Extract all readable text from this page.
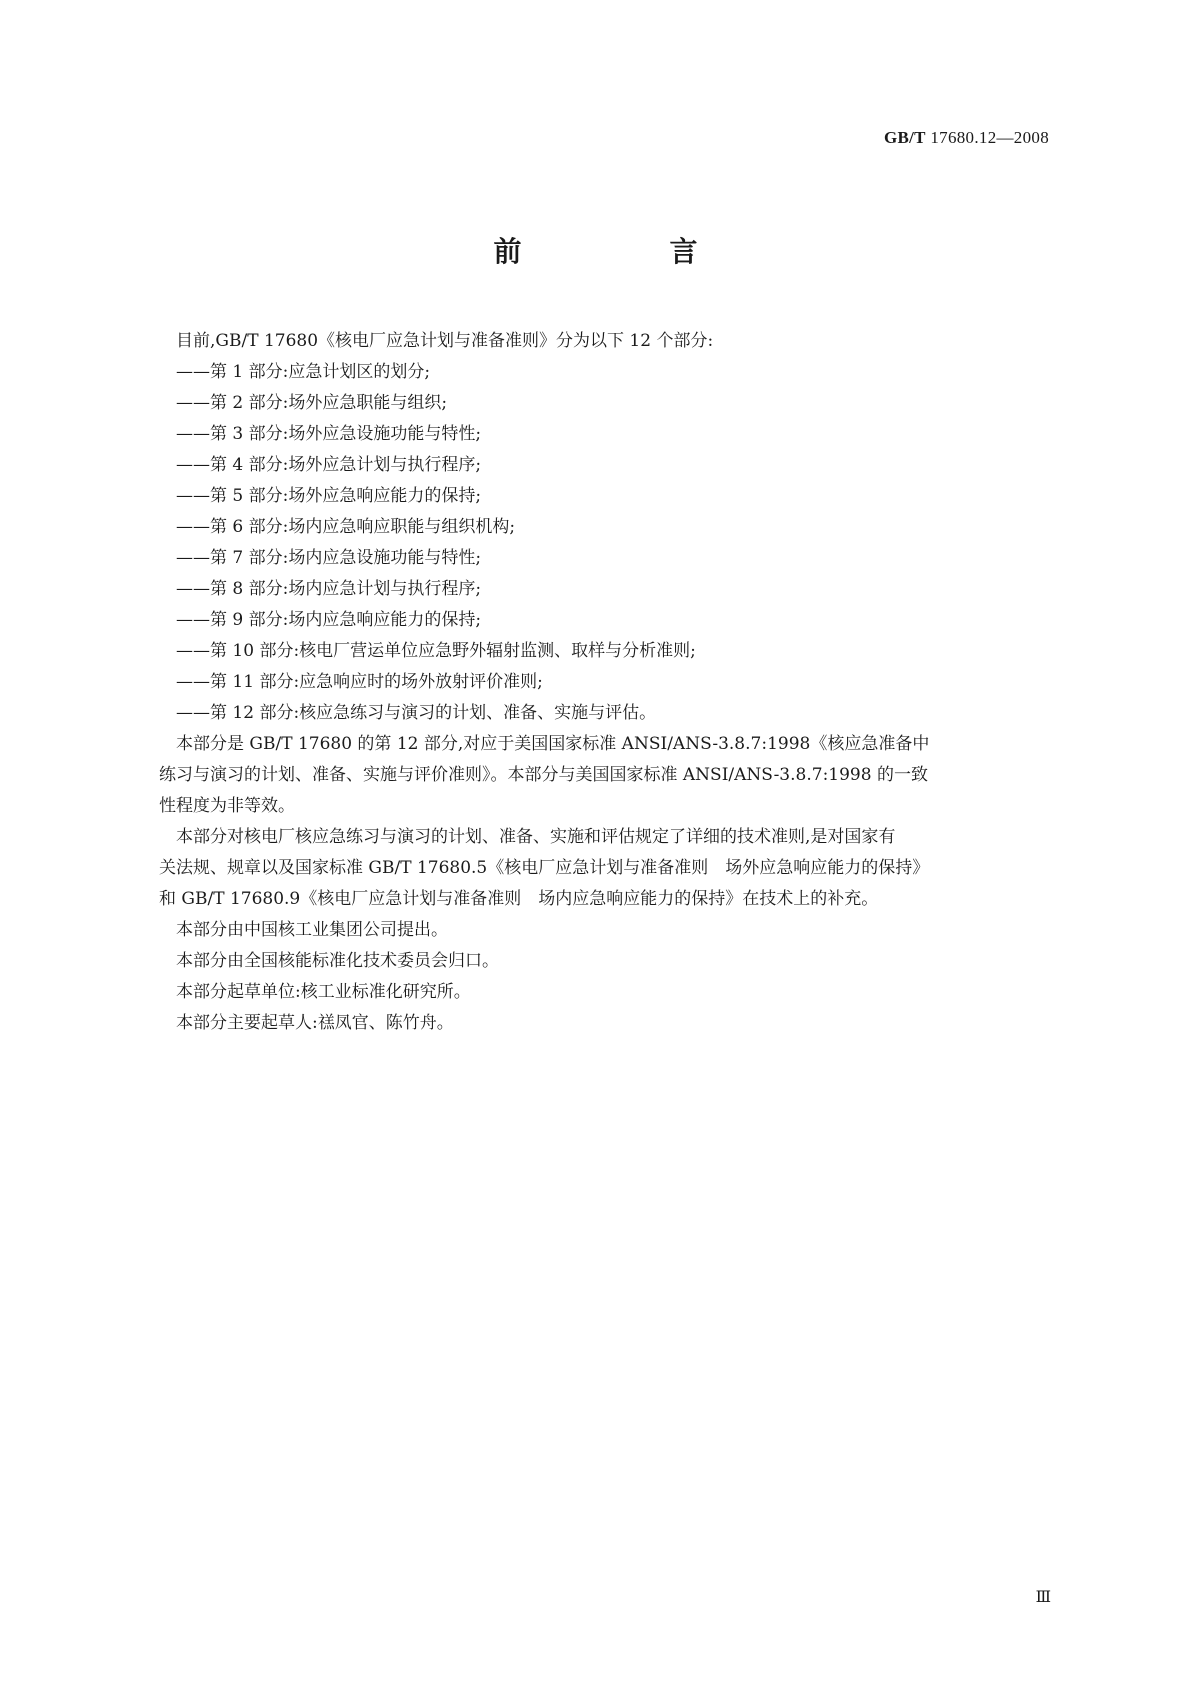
GB/T 17680.12—2008
前　言

目前,GB/T 17680《核电厂应急计划与准备准则》分为以下 12 个部分:

——第 1 部分:应急计划区的划分;

——第 2 部分:场外应急职能与组织;

——第 3 部分:场外应急设施功能与特性;

——第 4 部分:场外应急计划与执行程序;

——第 5 部分:场外应急响应能力的保持;

——第 6 部分:场内应急响应职能与组织机构;

——第 7 部分:场内应急设施功能与特性;

——第 8 部分:场内应急计划与执行程序;

——第 9 部分:场内应急响应能力的保持;

——第 10 部分:核电厂营运单位应急野外辐射监测、取样与分析准则;

——第 11 部分:应急响应时的场外放射评价准则;

——第 12 部分:核应急练习与演习的计划、准备、实施与评估。

本部分是 GB/T 17680 的第 12 部分,对应于美国国家标准 ANSI/ANS-3.8.7:1998《核应急准备中

练习与演习的计划、准备、实施与评价准则》。本部分与美国国家标准 ANSI/ANS-3.8.7:1998 的一致

性程度为非等效。

本部分对核电厂核应急练习与演习的计划、准备、实施和评估规定了详细的技术准则,是对国家有

关法规、规章以及国家标准 GB/T 17680.5《核电厂应急计划与准备准则　场外应急响应能力的保持》

和 GB/T 17680.9《核电厂应急计划与准备准则　场内应急响应能力的保持》在技术上的补充。

本部分由中国核工业集团公司提出。

本部分由全国核能标准化技术委员会归口。

本部分起草单位:核工业标准化研究所。

本部分主要起草人:禚凤官、陈竹舟。

Ⅲ
